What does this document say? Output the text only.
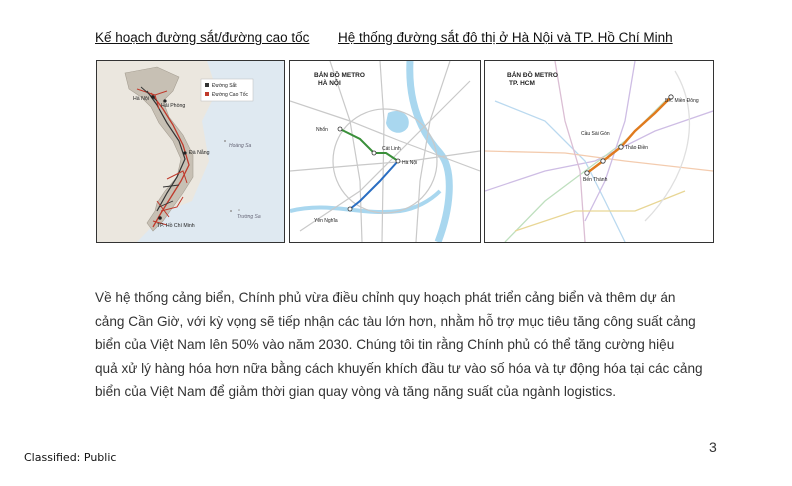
Kế hoạch đường sắt/đường cao tốc Hệ thống đường sắt đô thị ở Hà Nội và TP. Hồ Chí Minh
Hà Nội
Hải Phòng
Đà Nẵng
Hoàng Sa
Trường Sa
TP. Hồ Chí Minh
Đường Sắt
Đường Cao Tốc
BẢN ĐỒ METRO
HÀ NỘI
Nhổn
Cát Linh
Hà Nội
Yên Nghĩa
BẢN ĐỒ METRO
TP. HCM
BX. Miền Đông
Cầu Sài Gòn
Thảo Điền
Bến Thành
Về hệ thống cảng biển, Chính phủ vừa điều chỉnh quy hoạch phát triển cảng biển và thêm dự án
cảng Cần Giờ, với kỳ vọng sẽ tiếp nhận các tàu lớn hơn, nhằm hỗ trợ mục tiêu tăng công suất cảng
biển của Việt Nam lên 50% vào năm 2030. Chúng tôi tin rằng Chính phủ có thể tăng cường hiệu
quả xử lý hàng hóa hơn nữa bằng cách khuyến khích đầu tư vào số hóa và tự động hóa tại các cảng
biển của Việt Nam để giảm thời gian quay vòng và tăng năng suất của ngành logistics.
3
Classified: Public
